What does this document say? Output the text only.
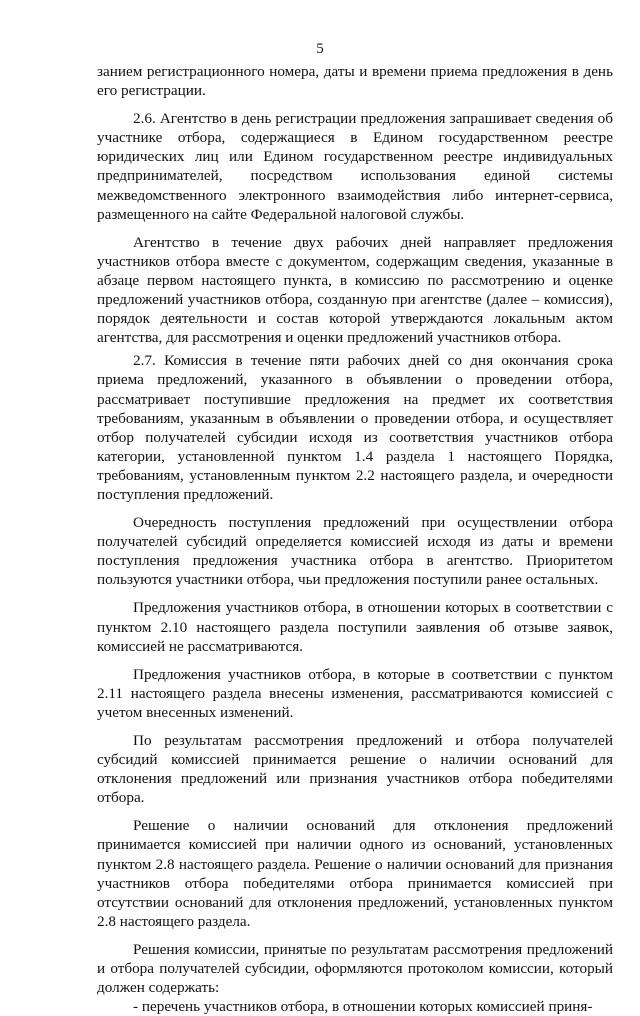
5

занием регистрационного номера, даты и времени приема предложения в день его регистрации.

2.6. Агентство в день регистрации предложения запрашивает сведения об участнике отбора, содержащиеся в Едином государственном реестре юридических лиц или Едином государственном реестре индивидуальных предпринимателей, посредством использования единой системы межведомственного электронного взаимодействия либо интернет-сервиса, размещенного на сайте Федеральной налоговой службы.

Агентство в течение двух рабочих дней направляет предложения участников отбора вместе с документом, содержащим сведения, указанные в абзаце первом настоящего пункта, в комиссию по рассмотрению и оценке предложений участников отбора, созданную при агентстве (далее – комиссия), порядок деятельности и состав которой утверждаются локальным актом агентства, для рассмотрения и оценки предложений участников отбора.

2.7. Комиссия в течение пяти рабочих дней со дня окончания срока приема предложений, указанного в объявлении о проведении отбора, рассматривает поступившие предложения на предмет их соответствия требованиям, указанным в объявлении о проведении отбора, и осуществляет отбор получателей субсидии исходя из соответствия участников отбора категории, установленной пунктом 1.4 раздела 1 настоящего Порядка, требованиям, установленным пунктом 2.2 настоящего раздела, и очередности поступления предложений.

Очередность поступления предложений при осуществлении отбора получателей субсидий определяется комиссией исходя из даты и времени поступления предложения участника отбора в агентство. Приоритетом пользуются участники отбора, чьи предложения поступили ранее остальных.

Предложения участников отбора, в отношении которых в соответствии с пунктом 2.10 настоящего раздела поступили заявления об отзыве заявок, комиссией не рассматриваются.

Предложения участников отбора, в которые в соответствии с пунктом 2.11 настоящего раздела внесены изменения, рассматриваются комиссией с учетом внесенных изменений.

По результатам рассмотрения предложений и отбора получателей субсидий комиссией принимается решение о наличии оснований для отклонения предложений или признания участников отбора победителями отбора.

Решение о наличии оснований для отклонения предложений принимается комиссией при наличии одного из оснований, установленных пунктом 2.8 настоящего раздела. Решение о наличии оснований для признания участников отбора победителями отбора принимается комиссией при отсутствии оснований для отклонения предложений, установленных пунктом 2.8 настоящего раздела.

Решения комиссии, принятые по результатам рассмотрения предложений и отбора получателей субсидии, оформляются протоколом комиссии, который должен содержать:

- перечень участников отбора, в отношении которых комиссией приня-
